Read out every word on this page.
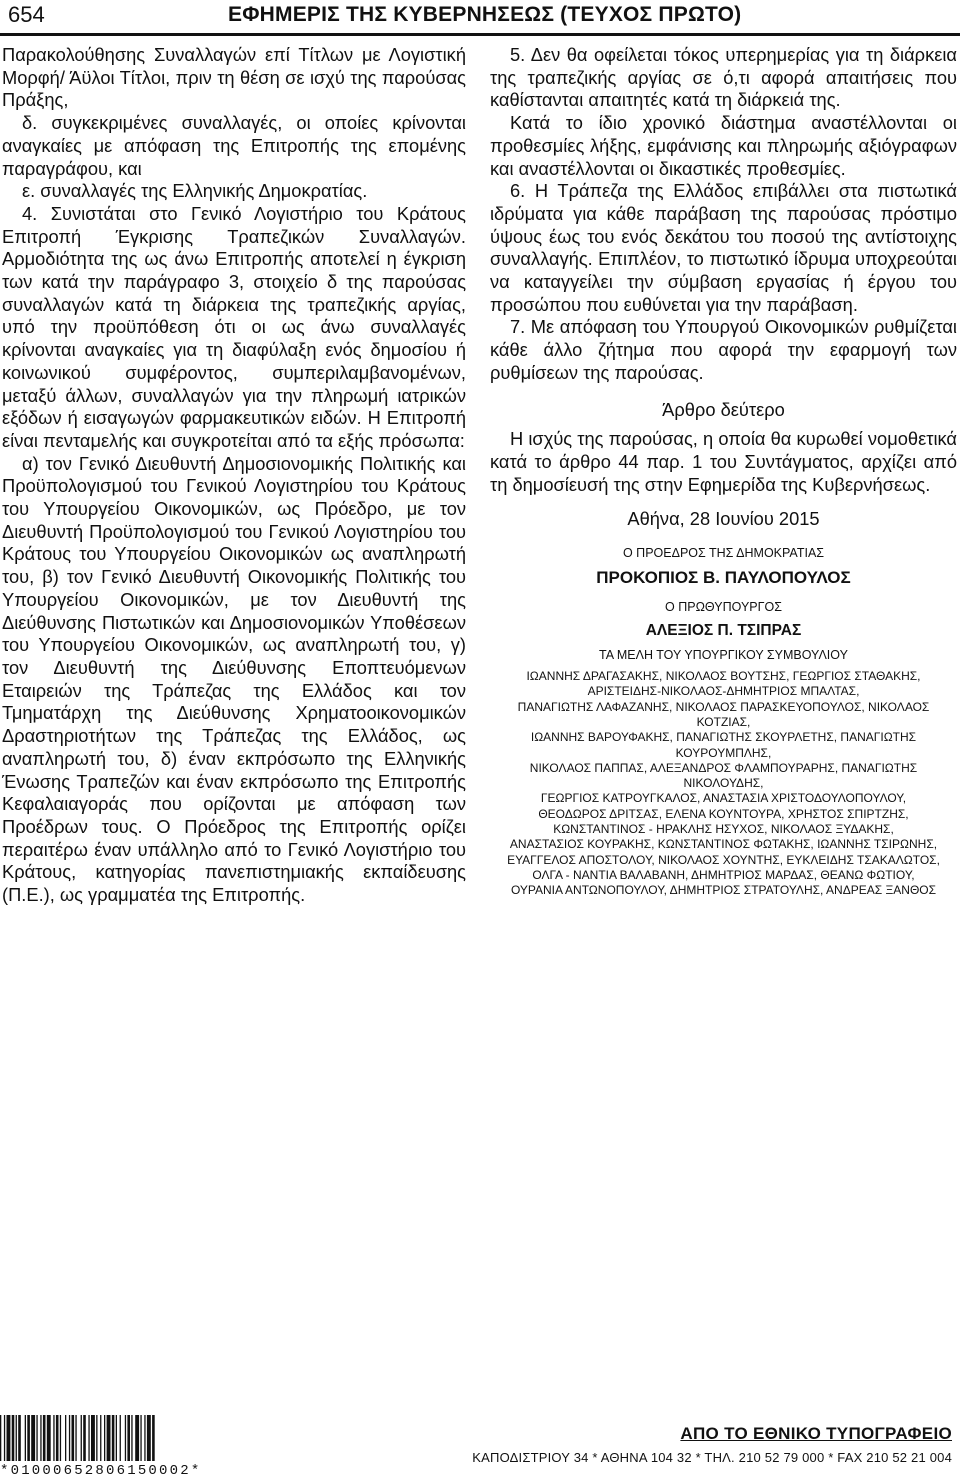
654	ΕΦΗΜΕΡΙΣ ΤΗΣ ΚΥΒΕΡΝΗΣΕΩΣ (ΤΕΥΧΟΣ ΠΡΩΤΟ)

Παρακολούθησης Συναλλαγών επί Τίτλων με Λογιστική Μορφή/ Άϋλοι Τίτλοι, πριν τη θέση σε ισχύ της παρούσας Πράξης,

δ. συγκεκριμένες συναλλαγές, οι οποίες κρίνονται αναγκαίες με απόφαση της Επιτροπής της επομένης παραγράφου, και

ε. συναλλαγές της Ελληνικής Δημοκρατίας.

4. Συνιστάται στο Γενικό Λογιστήριο του Κράτους Επιτροπή Έγκρισης Τραπεζικών Συναλλαγών. Αρμοδιότητα της ως άνω Επιτροπής αποτελεί η έγκριση των κατά την παράγραφο 3, στοιχείο δ της παρούσας συναλλαγών κατά τη διάρκεια της τραπεζικής αργίας, υπό την προϋπόθεση ότι οι ως άνω συναλλαγές κρίνονται αναγκαίες για τη διαφύλαξη ενός δημοσίου ή κοινωνικού συμφέροντος, συμπεριλαμβανομένων, μεταξύ άλλων, συναλλαγών για την πληρωμή ιατρικών εξόδων ή εισαγωγών φαρμακευτικών ειδών. Η Επιτροπή είναι πενταμελής και συγκροτείται από τα εξής πρόσωπα:

α) τον Γενικό Διευθυντή Δημοσιονομικής Πολιτικής και Προϋπολογισμού του Γενικού Λογιστηρίου του Κράτους του Υπουργείου Οικονομικών, ως Πρόεδρο, με τον Διευθυντή Προϋπολογισμού του Γενικού Λογιστηρίου του Κράτους του Υπουργείου Οικονομικών ως αναπληρωτή του, β) τον Γενικό Διευθυντή Οικονομικής Πολιτικής του Υπουργείου Οικονομικών, με τον Διευθυντή της Διεύθυνσης Πιστωτικών και Δημοσιονομικών Υποθέσεων του Υπουργείου Οικονομικών, ως αναπληρωτή του, γ) τον Διευθυντή της Διεύθυνσης Εποπτευόμενων Εταιρειών της Τράπεζας της Ελλάδος και τον Τμηματάρχη της Διεύθυνσης Χρηματοοικονομικών Δραστηριοτήτων της Τράπεζας της Ελλάδος, ως αναπληρωτή του, δ) έναν εκπρόσωπο της Ελληνικής Ένωσης Τραπεζών και έναν εκπρόσωπο της Επιτροπής Κεφαλαιαγοράς που ορίζονται με απόφαση των Προέδρων τους. Ο Πρόεδρος της Επιτροπής ορίζει περαιτέρω έναν υπάλληλο από το Γενικό Λογιστήριο του Κράτους, κατηγορίας πανεπιστημιακής εκπαίδευσης (Π.Ε.), ως γραμματέα της Επιτροπής.

5. Δεν θα οφείλεται τόκος υπερημερίας για τη διάρκεια της τραπεζικής αργίας σε ό,τι αφορά απαιτήσεις που καθίστανται απαιτητές κατά τη διάρκειά της.

Κατά το ίδιο χρονικό διάστημα αναστέλλονται οι προθεσμίες λήξης, εμφάνισης και πληρωμής αξιόγραφων και αναστέλλονται οι δικαστικές προθεσμίες.

6. Η Τράπεζα της Ελλάδος επιβάλλει στα πιστωτικά ιδρύματα για κάθε παράβαση της παρούσας πρόστιμο ύψους έως του ενός δεκάτου του ποσού της αντίστοιχης συναλλαγής. Επιπλέον, το πιστωτικό ίδρυμα υποχρεούται να καταγγείλει την σύμβαση εργασίας ή έργου του προσώπου που ευθύνεται για την παράβαση.

7. Με απόφαση του Υπουργού Οικονομικών ρυθμίζεται κάθε άλλο ζήτημα που αφορά την εφαρμογή των ρυθμίσεων της παρούσας.

Άρθρο δεύτερο

Η ισχύς της παρούσας, η οποία θα κυρωθεί νομοθετικά κατά το άρθρο 44 παρ. 1 του Συντάγματος, αρχίζει από τη δημοσίευσή της στην Εφημερίδα της Κυβερνήσεως.

Αθήνα, 28 Ιουνίου 2015

Ο ΠΡΟΕΔΡΟΣ ΤΗΣ ΔΗΜΟΚΡΑΤΙΑΣ

ΠΡΟΚΟΠΙΟΣ Β. ΠΑΥΛΟΠΟΥΛΟΣ

Ο ΠΡΩΘΥΠΟΥΡΓΟΣ

ΑΛΕΞΙΟΣ Π. ΤΣΙΠΡΑΣ

ΤΑ ΜΕΛΗ ΤΟΥ ΥΠΟΥΡΓΙΚΟΥ ΣΥΜΒΟΥΛΙΟΥ

ΙΩΑΝΝΗΣ ΔΡΑΓΑΣΑΚΗΣ, ΝΙΚΟΛΑΟΣ ΒΟΥΤΣΗΣ, ΓΕΩΡΓΙΟΣ ΣΤΑΘΑΚΗΣ,

ΑΡΙΣΤΕΙΔΗΣ-ΝΙΚΟΛΑΟΣ-ΔΗΜΗΤΡΙΟΣ ΜΠΑΛΤΑΣ,

ΠΑΝΑΓΙΩΤΗΣ ΛΑΦΑΖΑΝΗΣ, ΝΙΚΟΛΑΟΣ ΠΑΡΑΣΚΕΥΟΠΟΥΛΟΣ, ΝΙΚΟΛΑΟΣ ΚΟΤΖΙΑΣ,

ΙΩΑΝΝΗΣ ΒΑΡΟΥΦΑΚΗΣ, ΠΑΝΑΓΙΩΤΗΣ ΣΚΟΥΡΛΕΤΗΣ, ΠΑΝΑΓΙΩΤΗΣ ΚΟΥΡΟΥΜΠΛΗΣ,

ΝΙΚΟΛΑΟΣ ΠΑΠΠΑΣ, ΑΛΕΞΑΝΔΡΟΣ ΦΛΑΜΠΟΥΡΑΡΗΣ, ΠΑΝΑΓΙΩΤΗΣ ΝΙΚΟΛΟΥΔΗΣ,

ΓΕΩΡΓΙΟΣ ΚΑΤΡΟΥΓΚΑΛΟΣ, ΑΝΑΣΤΑΣΙΑ ΧΡΙΣΤΟΔΟΥΛΟΠΟΥΛΟΥ,

ΘΕΟΔΩΡΟΣ ΔΡΙΤΣΑΣ, ΕΛΕΝΑ ΚΟΥΝΤΟΥΡΑ, ΧΡΗΣΤΟΣ ΣΠΙΡΤΖΗΣ,

ΚΩΝΣΤΑΝΤΙΝΟΣ - ΗΡΑΚΛΗΣ ΗΣΥΧΟΣ, ΝΙΚΟΛΑΟΣ ΞΥΔΑΚΗΣ,

ΑΝΑΣΤΑΣΙΟΣ ΚΟΥΡΑΚΗΣ, ΚΩΝΣΤΑΝΤΙΝΟΣ ΦΩΤΑΚΗΣ, ΙΩΑΝΝΗΣ ΤΣΙΡΩΝΗΣ,

ΕΥΑΓΓΕΛΟΣ ΑΠΟΣΤΟΛΟΥ, ΝΙΚΟΛΑΟΣ ΧΟΥΝΤΗΣ, ΕΥΚΛΕΙΔΗΣ ΤΣΑΚΑΛΩΤΟΣ,

ΟΛΓΑ - ΝΑΝΤΙΑ ΒΑΛΑΒΑΝΗ, ΔΗΜΗΤΡΙΟΣ ΜΑΡΔΑΣ, ΘΕΑΝΩ ΦΩΤΙΟΥ,

ΟΥΡΑΝΙΑ ΑΝΤΩΝΟΠΟΥΛΟΥ, ΔΗΜΗΤΡΙΟΣ ΣΤΡΑΤΟΥΛΗΣ, ΑΝΔΡΕΑΣ ΞΑΝΘΟΣ

*01000652806150002*
ΑΠΟ ΤΟ ΕΘΝΙΚΟ ΤΥΠΟΓΡΑΦΕΙΟ
ΚΑΠΟΔΙΣΤΡΙΟΥ 34 * ΑΘΗΝΑ 104 32 * ΤΗΛ. 210 52 79 000 * FAX 210 52 21 004
